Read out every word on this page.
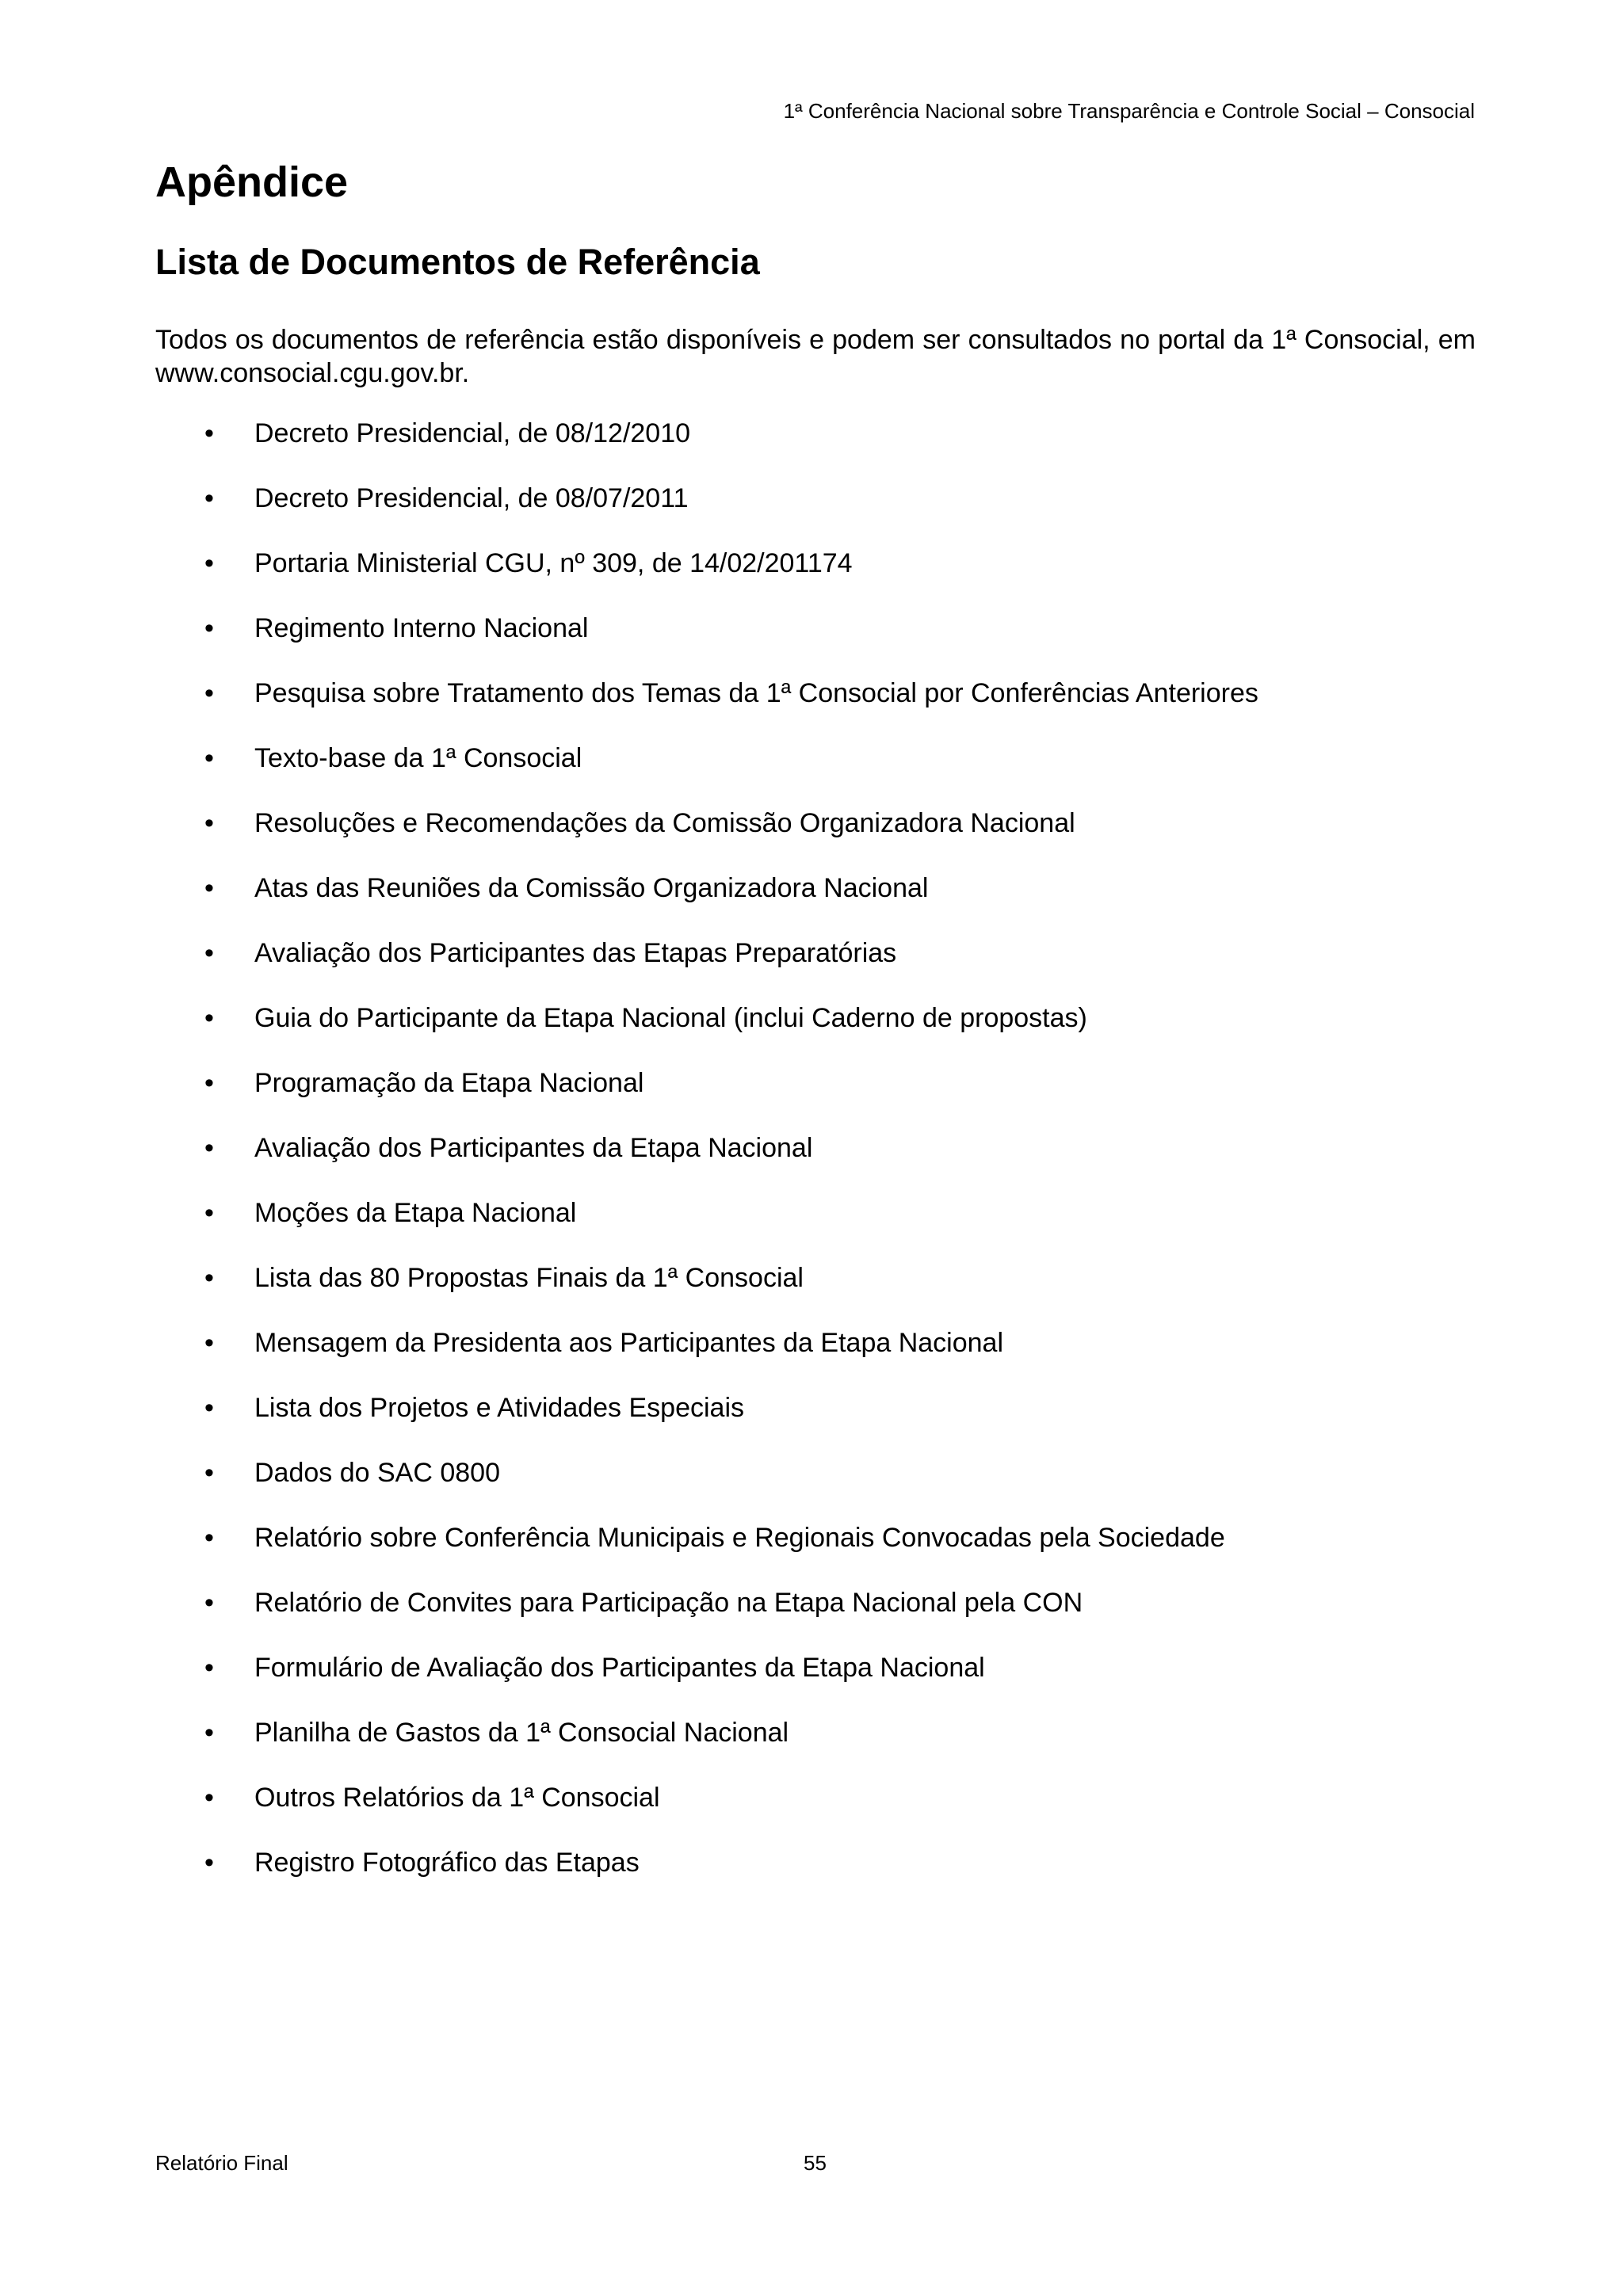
1ª Conferência Nacional sobre Transparência e Controle Social – Consocial
Apêndice
Lista de Documentos de Referência

Todos os documentos de referência estão disponíveis e podem ser consultados no portal da 1ª Consocial, em www.consocial.cgu.gov.br.

• Decreto Presidencial, de 08/12/2010
• Decreto Presidencial, de 08/07/2011
• Portaria Ministerial CGU, nº 309, de 14/02/201174
• Regimento Interno Nacional
• Pesquisa sobre Tratamento dos Temas da 1ª Consocial por Conferências Anteriores
• Texto-base da 1ª Consocial
• Resoluções e Recomendações da Comissão Organizadora Nacional
• Atas das Reuniões da Comissão Organizadora Nacional
• Avaliação dos Participantes das Etapas Preparatórias
• Guia do Participante da Etapa Nacional (inclui Caderno de propostas)
• Programação da Etapa Nacional
• Avaliação dos Participantes da Etapa Nacional
• Moções da Etapa Nacional
• Lista das 80 Propostas Finais da 1ª Consocial
• Mensagem da Presidenta aos Participantes da Etapa Nacional
• Lista dos Projetos e Atividades Especiais
• Dados do SAC 0800
• Relatório sobre Conferência Municipais e Regionais Convocadas pela Sociedade
• Relatório de Convites para Participação na Etapa Nacional pela CON
• Formulário de Avaliação dos Participantes da Etapa Nacional
• Planilha de Gastos da 1ª Consocial Nacional
• Outros Relatórios da 1ª Consocial
• Registro Fotográfico das Etapas
Relatório Final	55
